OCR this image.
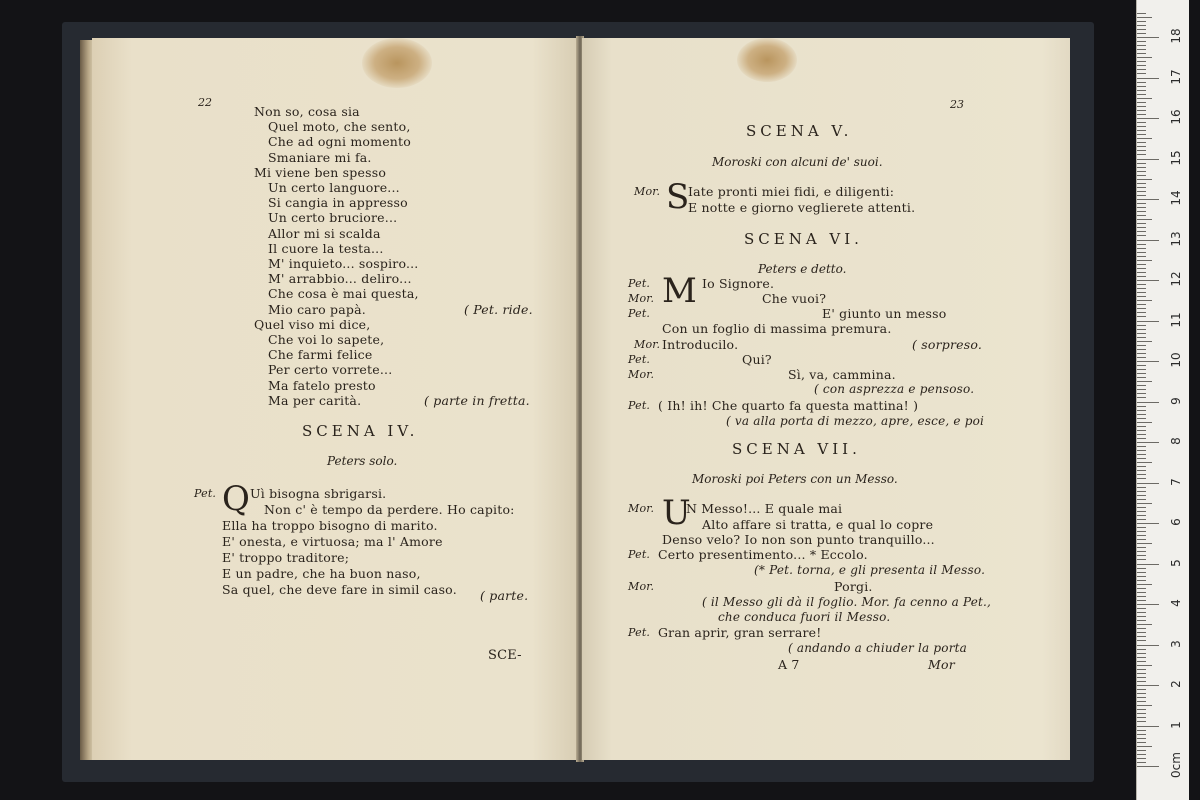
22
Non so, cosa sia
Quel moto, che sento,
Che ad ogni momento
Smaniare mi fa.
Mi viene ben spesso
Un certo languore...
Si cangia in appresso
Un certo bruciore...
Allor mi si scalda
Il cuore la testa...
M' inquieto... sospiro...
M' arrabbio... deliro...
Che cosa è mai questa,
Mio caro papà.	( Pet. ride.
Quel viso mi dice,
Che voi lo sapete,
Che farmi felice
Per certo vorrete...
Ma fatelo presto
Ma per carità.	( parte in fretta.
SCENA IV.
Peters solo.
Pet. Q Uì bisogna sbrigarsi.
Non c' è tempo da perdere. Ho capito:
Ella ha troppo bisogno di marito.
E' onesta, e virtuosa; ma l' Amore
E' troppo traditore;
E un padre, che ha buon naso,
Sa quel, che deve fare in simil caso. ( parte.
SCE-
23
SCENA V.
Moroski con alcuni de' suoi.
Mor. S
Iate pronti miei fidi, e diligenti:
E notte e giorno veglierete attenti.
SCENA VI.
Peters e detto.
M
Pet.	Io Signore.
Mor.	Che vuoi?
Pet.	E' giunto un messo
Con un foglio di massima premura.
Mor. Introducilo.	( sorpreso.
Pet.	Qui?
Mor.	Sì, va, cammina.
( con asprezza e pensoso.
Pet. ( Ih! ih! Che quarto fa questa mattina! )
( va alla porta di mezzo, apre, esce, e poi
SCENA VII.
Moroski poi Peters con un Messo.
Mor. U
N Messo!... E quale mai
Alto affare si tratta, e qual lo copre
Denso velo? Io non son punto tranquillo...
Pet. Certo presentimento... * Eccolo.
(* Pet. torna, e gli presenta il Messo.
Mor.	Porgi.
( il Messo gli dà il foglio. Mor. fa cenno a Pet.,
che conduca fuori il Messo.
Pet. Gran aprir, gran serrare!
( andando a chiuder la porta
A 7	Mor
0cm
1
2
3
4
5
6
7
8
9
10
11
12
13
14
15
16
17
18
